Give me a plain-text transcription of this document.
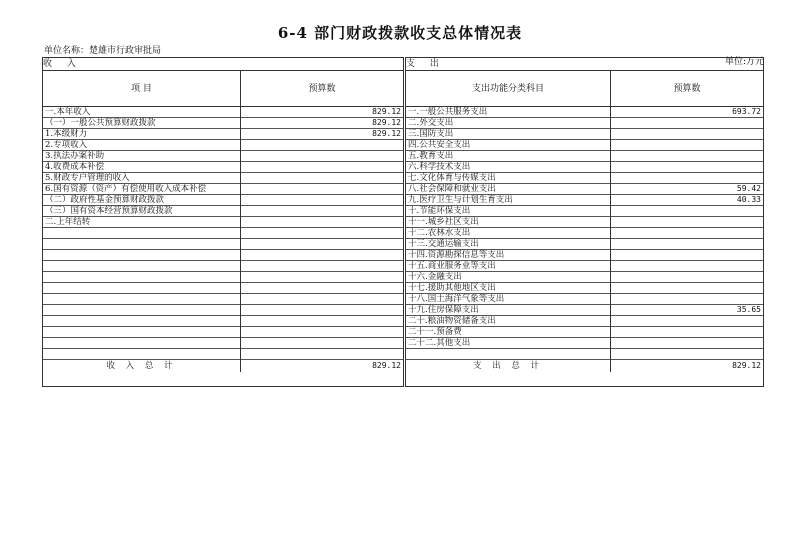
6-4 部门财政拨款收支总体情况表
单位名称：楚雄市行政审批局
单位:万元
收 入
项 目	预算数
一.本年收入	829.12
（一）一般公共预算财政拨款	829.12
1.本级财力	829.12
2.专项收入
3.执法办案补助
4.收费成本补偿
5.财政专户管理的收入
6.国有资源（资产）有偿使用收入成本补偿
（二）政府性基金预算财政拨款
（三）国有资本经营预算财政拨款
二.上年结转
收 入 总 计	829.12
支 出
支出功能分类科目	预算数
一.一般公共服务支出	693.72
二.外交支出
三.国防支出
四.公共安全支出
五.教育支出
六.科学技术支出
七.文化体育与传媒支出
八.社会保障和就业支出	59.42
九.医疗卫生与计划生育支出	40.33
十.节能环保支出
十一.城乡社区支出
十二.农林水支出
十三.交通运输支出
十四.资源勘探信息等支出
十五.商业服务业等支出
十六.金融支出
十七.援助其他地区支出
十八.国土海洋气象等支出
十九.住房保障支出	35.65
二十.粮油物资储备支出
二十一.预备费
二十二.其他支出
支 出 总 计	829.12
